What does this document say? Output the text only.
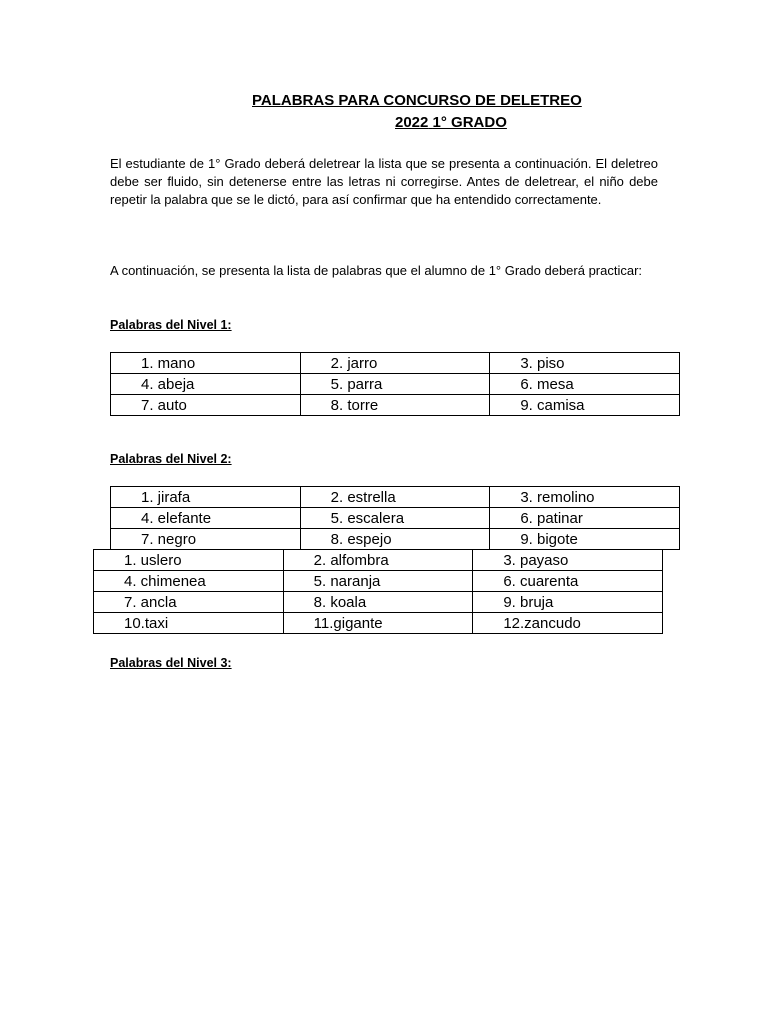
PALABRAS PARA CONCURSO DE DELETREO
2022 1° GRADO
El estudiante de 1° Grado deberá deletrear la lista que se presenta a continuación. El deletreo debe ser fluido, sin detenerse entre las letras ni corregirse. Antes de deletrear, el niño debe repetir la palabra que se le dictó, para así confirmar que ha entendido correctamente.
A continuación, se presenta la lista de palabras que el alumno de 1° Grado deberá practicar:
Palabras del Nivel 1:
1. mano	2. jarro	3. piso
4. abeja	5. parra	6. mesa
7. auto	8. torre	9. camisa
Palabras del Nivel 2:
1. jirafa	2. estrella	3. remolino
4. elefante	5. escalera	6. patinar
7. negro	8. espejo	9. bigote
1. uslero	2. alfombra	3. payaso
4. chimenea	5. naranja	6. cuarenta
7. ancla	8. koala	9. bruja
10.taxi	11.gigante	12.zancudo
Palabras del Nivel 3:
